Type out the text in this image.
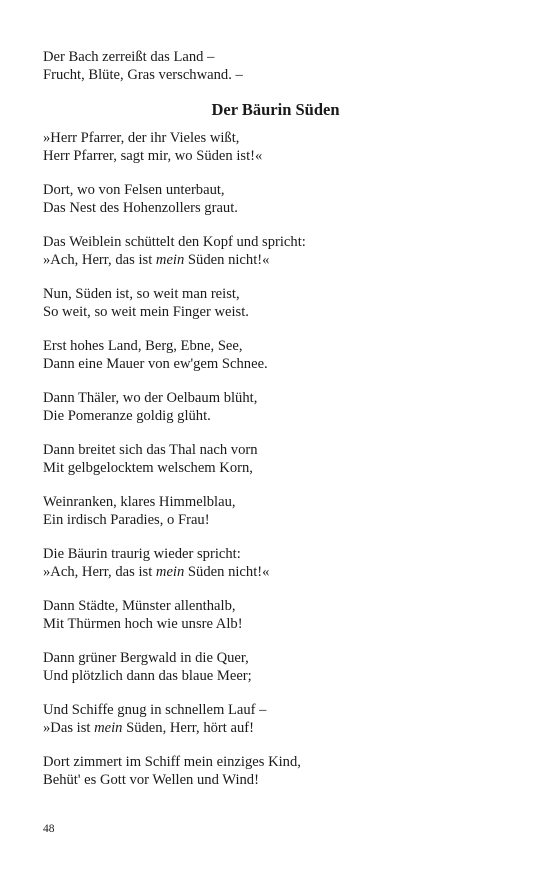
Der Bach zerreißt das Land –
Frucht, Blüte, Gras verschwand. –
Der Bäurin Süden
»Herr Pfarrer, der ihr Vieles wißt,
Herr Pfarrer, sagt mir, wo Süden ist!«
Dort, wo von Felsen unterbaut,
Das Nest des Hohenzollers graut.
Das Weiblein schüttelt den Kopf und spricht:
»Ach, Herr, das ist mein Süden nicht!«
Nun, Süden ist, so weit man reist,
So weit, so weit mein Finger weist.
Erst hohes Land, Berg, Ebne, See,
Dann eine Mauer von ew'gem Schnee.
Dann Thäler, wo der Oelbaum blüht,
Die Pomeranze goldig glüht.
Dann breitet sich das Thal nach vorn
Mit gelbgelocktem welschem Korn,
Weinranken, klares Himmelblau,
Ein irdisch Paradies, o Frau!
Die Bäurin traurig wieder spricht:
»Ach, Herr, das ist mein Süden nicht!«
Dann Städte, Münster allenthalb,
Mit Thürmen hoch wie unsre Alb!
Dann grüner Bergwald in die Quer,
Und plötzlich dann das blaue Meer;
Und Schiffe gnug in schnellem Lauf –
»Das ist mein Süden, Herr, hört auf!
Dort zimmert im Schiff mein einziges Kind,
Behüt' es Gott vor Wellen und Wind!
48
